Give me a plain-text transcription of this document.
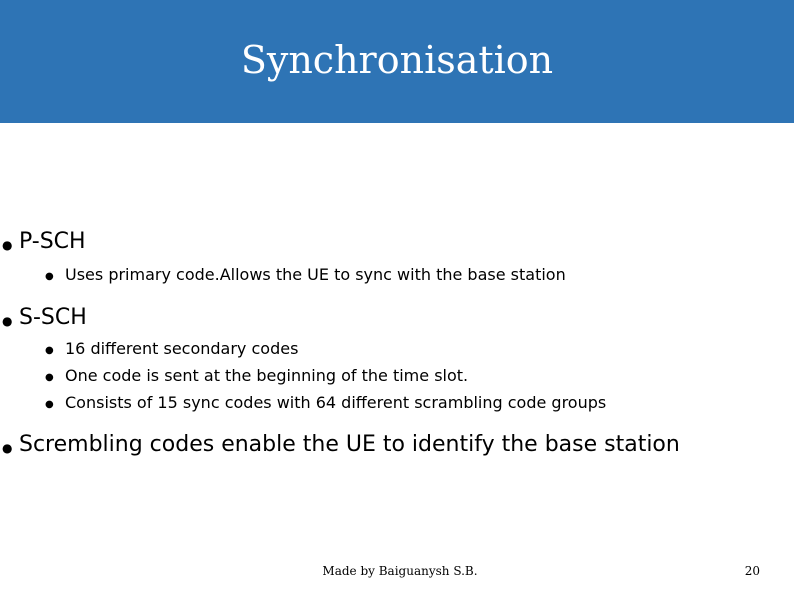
Synchronisation
● P-SCH
● Uses primary code.Allows the UE to sync with the base station
● S-SCH
● 16 different secondary codes
● One code is sent at the beginning of the time slot.
● Consists of 15 sync codes with 64 different scrambling code groups
● Scrembling codes enable the UE to identify the base station
Made by Baiguanysh S.B.	20
